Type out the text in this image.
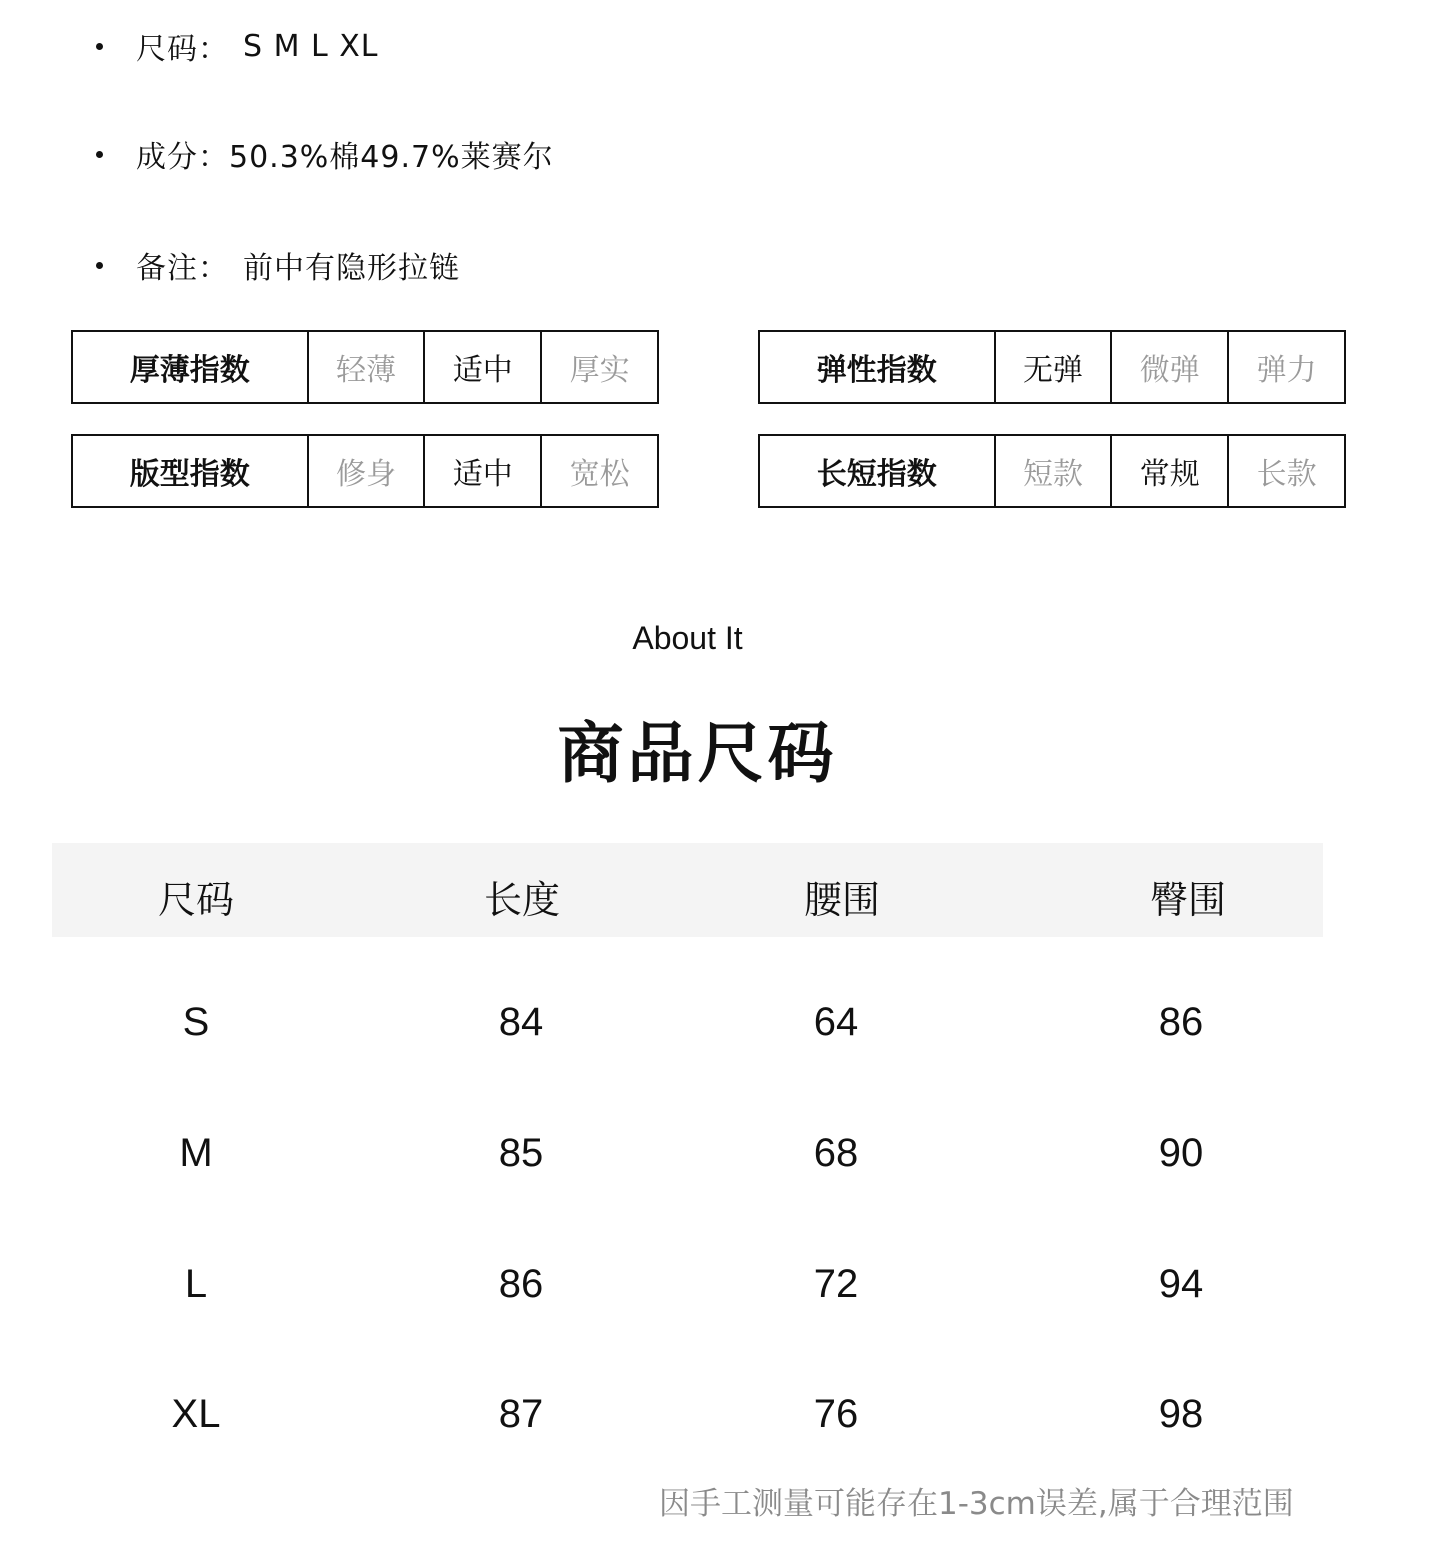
尺码： S M L XL
成分： 50.3%棉49.7%莱赛尔
备注： 前中有隐形拉链
厚薄指数	轻薄	适中	厚实	弹性指数	无弹	微弹	弹力
版型指数	修身	适中	宽松	长短指数	短款	常规	长款
About It
商品尺码
尺码	长度	腰围	臀围
S	84	64	86
M	85	68	90
L	86	72	94
XL	87	76	98
因手工测量可能存在1-3cm误差,属于合理范围
